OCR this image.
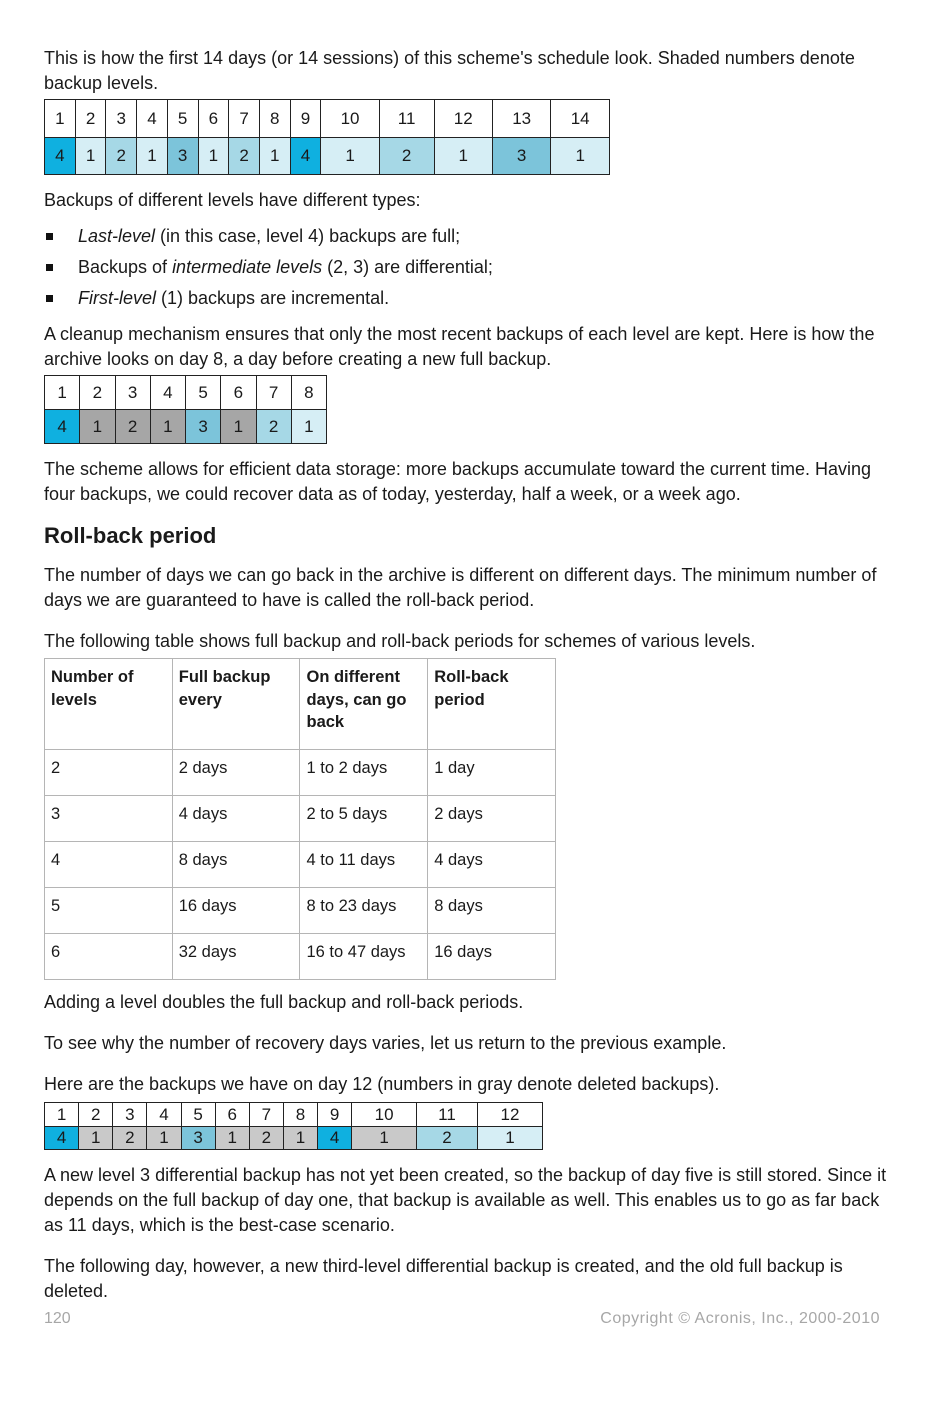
This is how the first 14 days (or 14 sessions) of this scheme's schedule look. Shaded numbers denote backup levels.

1	2	3	4	5	6	7	8	9	10	11	12	13	14
4	1	2	1	3	1	2	1	4	1	2	1	3	1

Backups of different levels have different types:

Last-level (in this case, level 4) backups are full;
Backups of intermediate levels (2, 3) are differential;
First-level (1) backups are incremental.

A cleanup mechanism ensures that only the most recent backups of each level are kept. Here is how the archive looks on day 8, a day before creating a new full backup.

1	2	3	4	5	6	7	8
4	1	2	1	3	1	2	1

The scheme allows for efficient data storage: more backups accumulate toward the current time. Having four backups, we could recover data as of today, yesterday, half a week, or a week ago.

Roll-back period

The number of days we can go back in the archive is different on different days. The minimum number of days we are guaranteed to have is called the roll-back period.

The following table shows full backup and roll-back periods for schemes of various levels.

Number of levels	Full backup every	On different days, can go back	Roll-back period
2	2 days	1 to 2 days	1 day
3	4 days	2 to 5 days	2 days
4	8 days	4 to 11 days	4 days
5	16 days	8 to 23 days	8 days
6	32 days	16 to 47 days	16 days

Adding a level doubles the full backup and roll-back periods.

To see why the number of recovery days varies, let us return to the previous example.

Here are the backups we have on day 12 (numbers in gray denote deleted backups).

1	2	3	4	5	6	7	8	9	10	11	12
4	1	2	1	3	1	2	1	4	1	2	1

A new level 3 differential backup has not yet been created, so the backup of day five is still stored. Since it depends on the full backup of day one, that backup is available as well. This enables us to go as far back as 11 days, which is the best-case scenario.

The following day, however, a new third-level differential backup is created, and the old full backup is deleted.

120	Copyright © Acronis, Inc., 2000-2010
